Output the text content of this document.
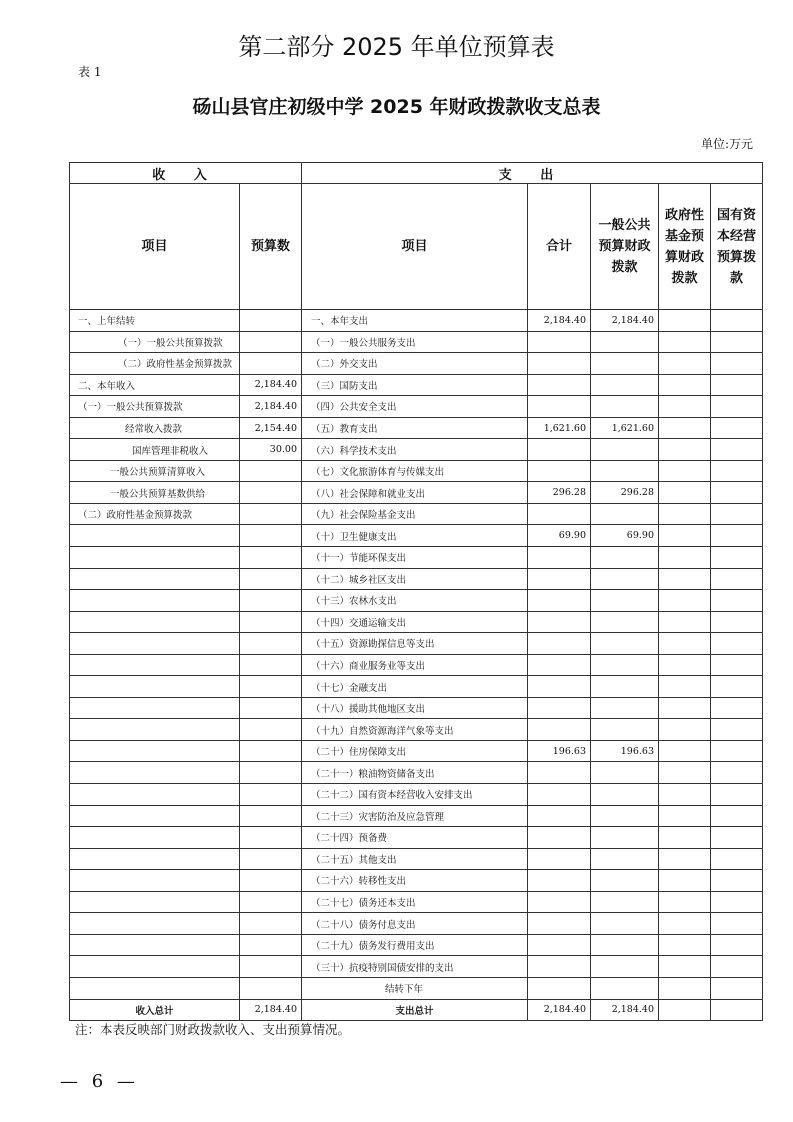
第二部分 2025 年单位预算表
表 1
砀山县官庄初级中学 2025 年财政拨款收支总表
单位:万元
收 入		支 出				
项目	预算数	项目	合计	一般公共预算财政拨款	政府性基金预算财政拨款	国有资本经营预算拨款
一、上年结转		一、本年支出	2,184.40	2,184.40		
（一）一般公共预算拨款		（一）一般公共服务支出				
（二）政府性基金预算拨款		（二）外交支出				
二、本年收入	2,184.40	（三）国防支出				
（一）一般公共预算拨款	2,184.40	（四）公共安全支出				
经常收入拨款	2,154.40	（五）教育支出	1,621.60	1,621.60		
国库管理非税收入	30.00	（六）科学技术支出				
一般公共预算清算收入		（七）文化旅游体育与传媒支出				
一般公共预算基数供给		（八）社会保障和就业支出	296.28	296.28		
（二）政府性基金预算拨款		（九）社会保险基金支出				
		（十）卫生健康支出	69.90	69.90		
		（十一）节能环保支出				
		（十二）城乡社区支出				
		（十三）农林水支出				
		（十四）交通运输支出				
		（十五）资源勘探信息等支出				
		（十六）商业服务业等支出				
		（十七）金融支出				
		（十八）援助其他地区支出				
		（十九）自然资源海洋气象等支出				
		（二十）住房保障支出	196.63	196.63		
		（二十一）粮油物资储备支出				
		（二十二）国有资本经营收入安排支出				
		（二十三）灾害防治及应急管理				
		（二十四）预备费				
		（二十五）其他支出				
		（二十六）转移性支出				
		（二十七）债务还本支出				
		（二十八）债务付息支出				
		（二十九）债务发行费用支出				
		（三十）抗疫特别国债安排的支出				
		结转下年				
收入总计	2,184.40	支出总计	2,184.40	2,184.40		
注：本表反映部门财政拨款收入、支出预算情况。
— 6 —
